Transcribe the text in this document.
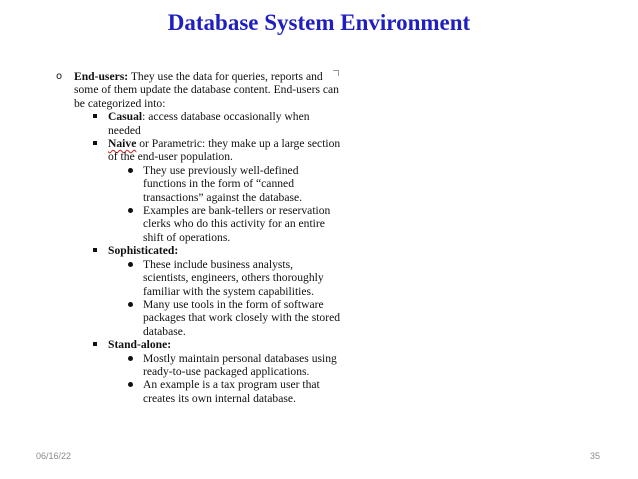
Database System Environment
o End-users: They use the data for queries, reports and some of them update the database content. End-users can be categorized into:
Casual: access database occasionally when needed
Naive or Parametric: they make up a large section of the end-user population.
They use previously well-defined functions in the form of “canned transactions” against the database.
Examples are bank-tellers or reservation clerks who do this activity for an entire shift of operations.
Sophisticated:
These include business analysts, scientists, engineers, others thoroughly familiar with the system capabilities.
Many use tools in the form of software packages that work closely with the stored database.
Stand-alone:
Mostly maintain personal databases using ready-to-use packaged applications.
An example is a tax program user that creates its own internal database.
06/16/22	35
